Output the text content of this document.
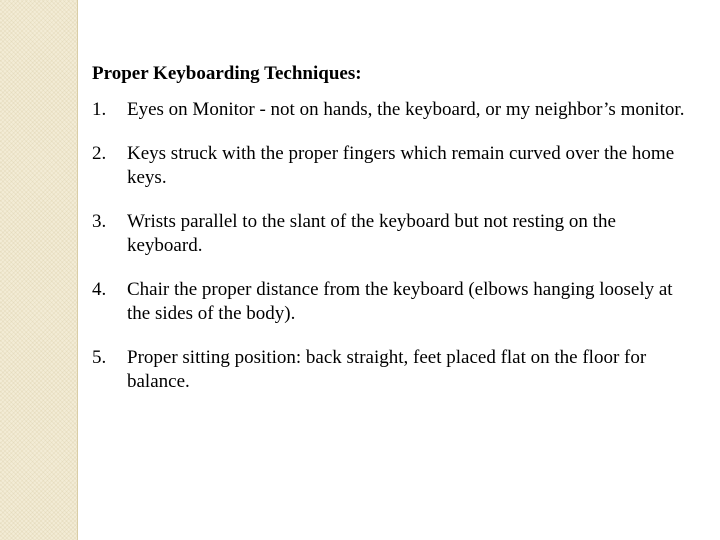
Proper Keyboarding Techniques:
1. Eyes on Monitor - not on hands, the keyboard, or my neighbor’s monitor.
2. Keys struck with the proper fingers which remain curved over the home keys.
3. Wrists parallel to the slant of the keyboard but not resting on the keyboard.
4. Chair the proper distance from the keyboard (elbows hanging loosely at the sides of the body).
5. Proper sitting position: back straight, feet placed flat on the floor for balance.
